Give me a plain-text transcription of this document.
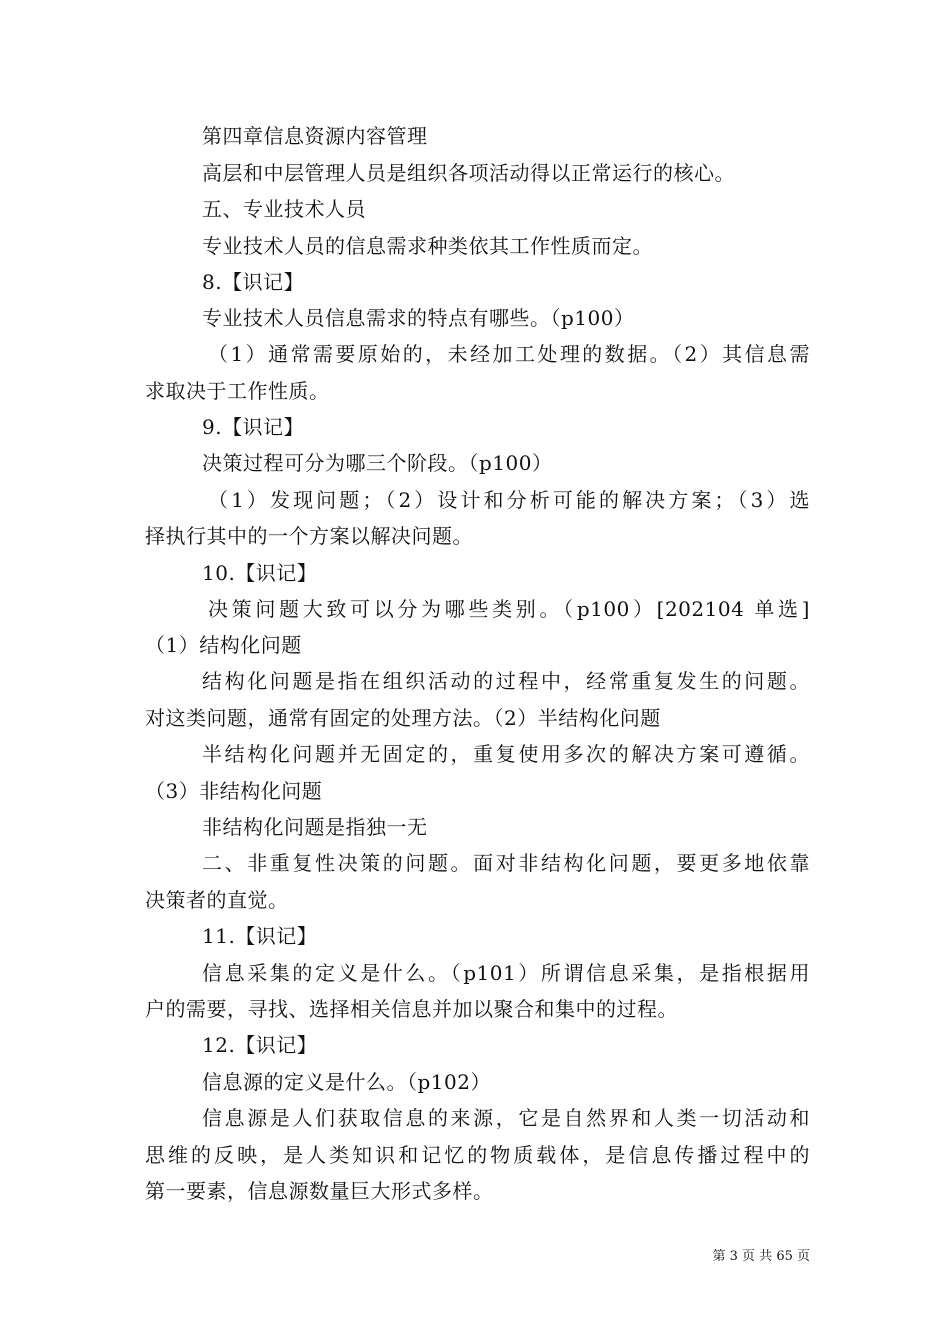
第四章信息资源内容管理
高层和中层管理人员是组织各项活动得以正常运行的核心。
五、专业技术人员
专业技术人员的信息需求种类依其工作性质而定。
8.【识记】
专业技术人员信息需求的特点有哪些。（p100）
（1）通常需要原始的，未经加工处理的数据。（2）其信息需
求取决于工作性质。
9.【识记】
决策过程可分为哪三个阶段。（p100）
（1）发现问题；（2）设计和分析可能的解决方案；（3）选
择执行其中的一个方案以解决问题。
10.【识记】
决策问题大致可以分为哪些类别。（p100）[202104 单选]
（1）结构化问题
结构化问题是指在组织活动的过程中，经常重复发生的问题。
对这类问题，通常有固定的处理方法。（2）半结构化问题
半结构化问题并无固定的，重复使用多次的解决方案可遵循。
（3）非结构化问题
非结构化问题是指独一无
二、非重复性决策的问题。面对非结构化问题，要更多地依靠
决策者的直觉。
11.【识记】
信息采集的定义是什么。（p101）所谓信息采集，是指根据用
户的需要，寻找、选择相关信息并加以聚合和集中的过程。
12.【识记】
信息源的定义是什么。（p102）
信息源是人们获取信息的来源，它是自然界和人类一切活动和
思维的反映，是人类知识和记忆的物质载体，是信息传播过程中的
第一要素，信息源数量巨大形式多样。
第 3 页 共 65 页
